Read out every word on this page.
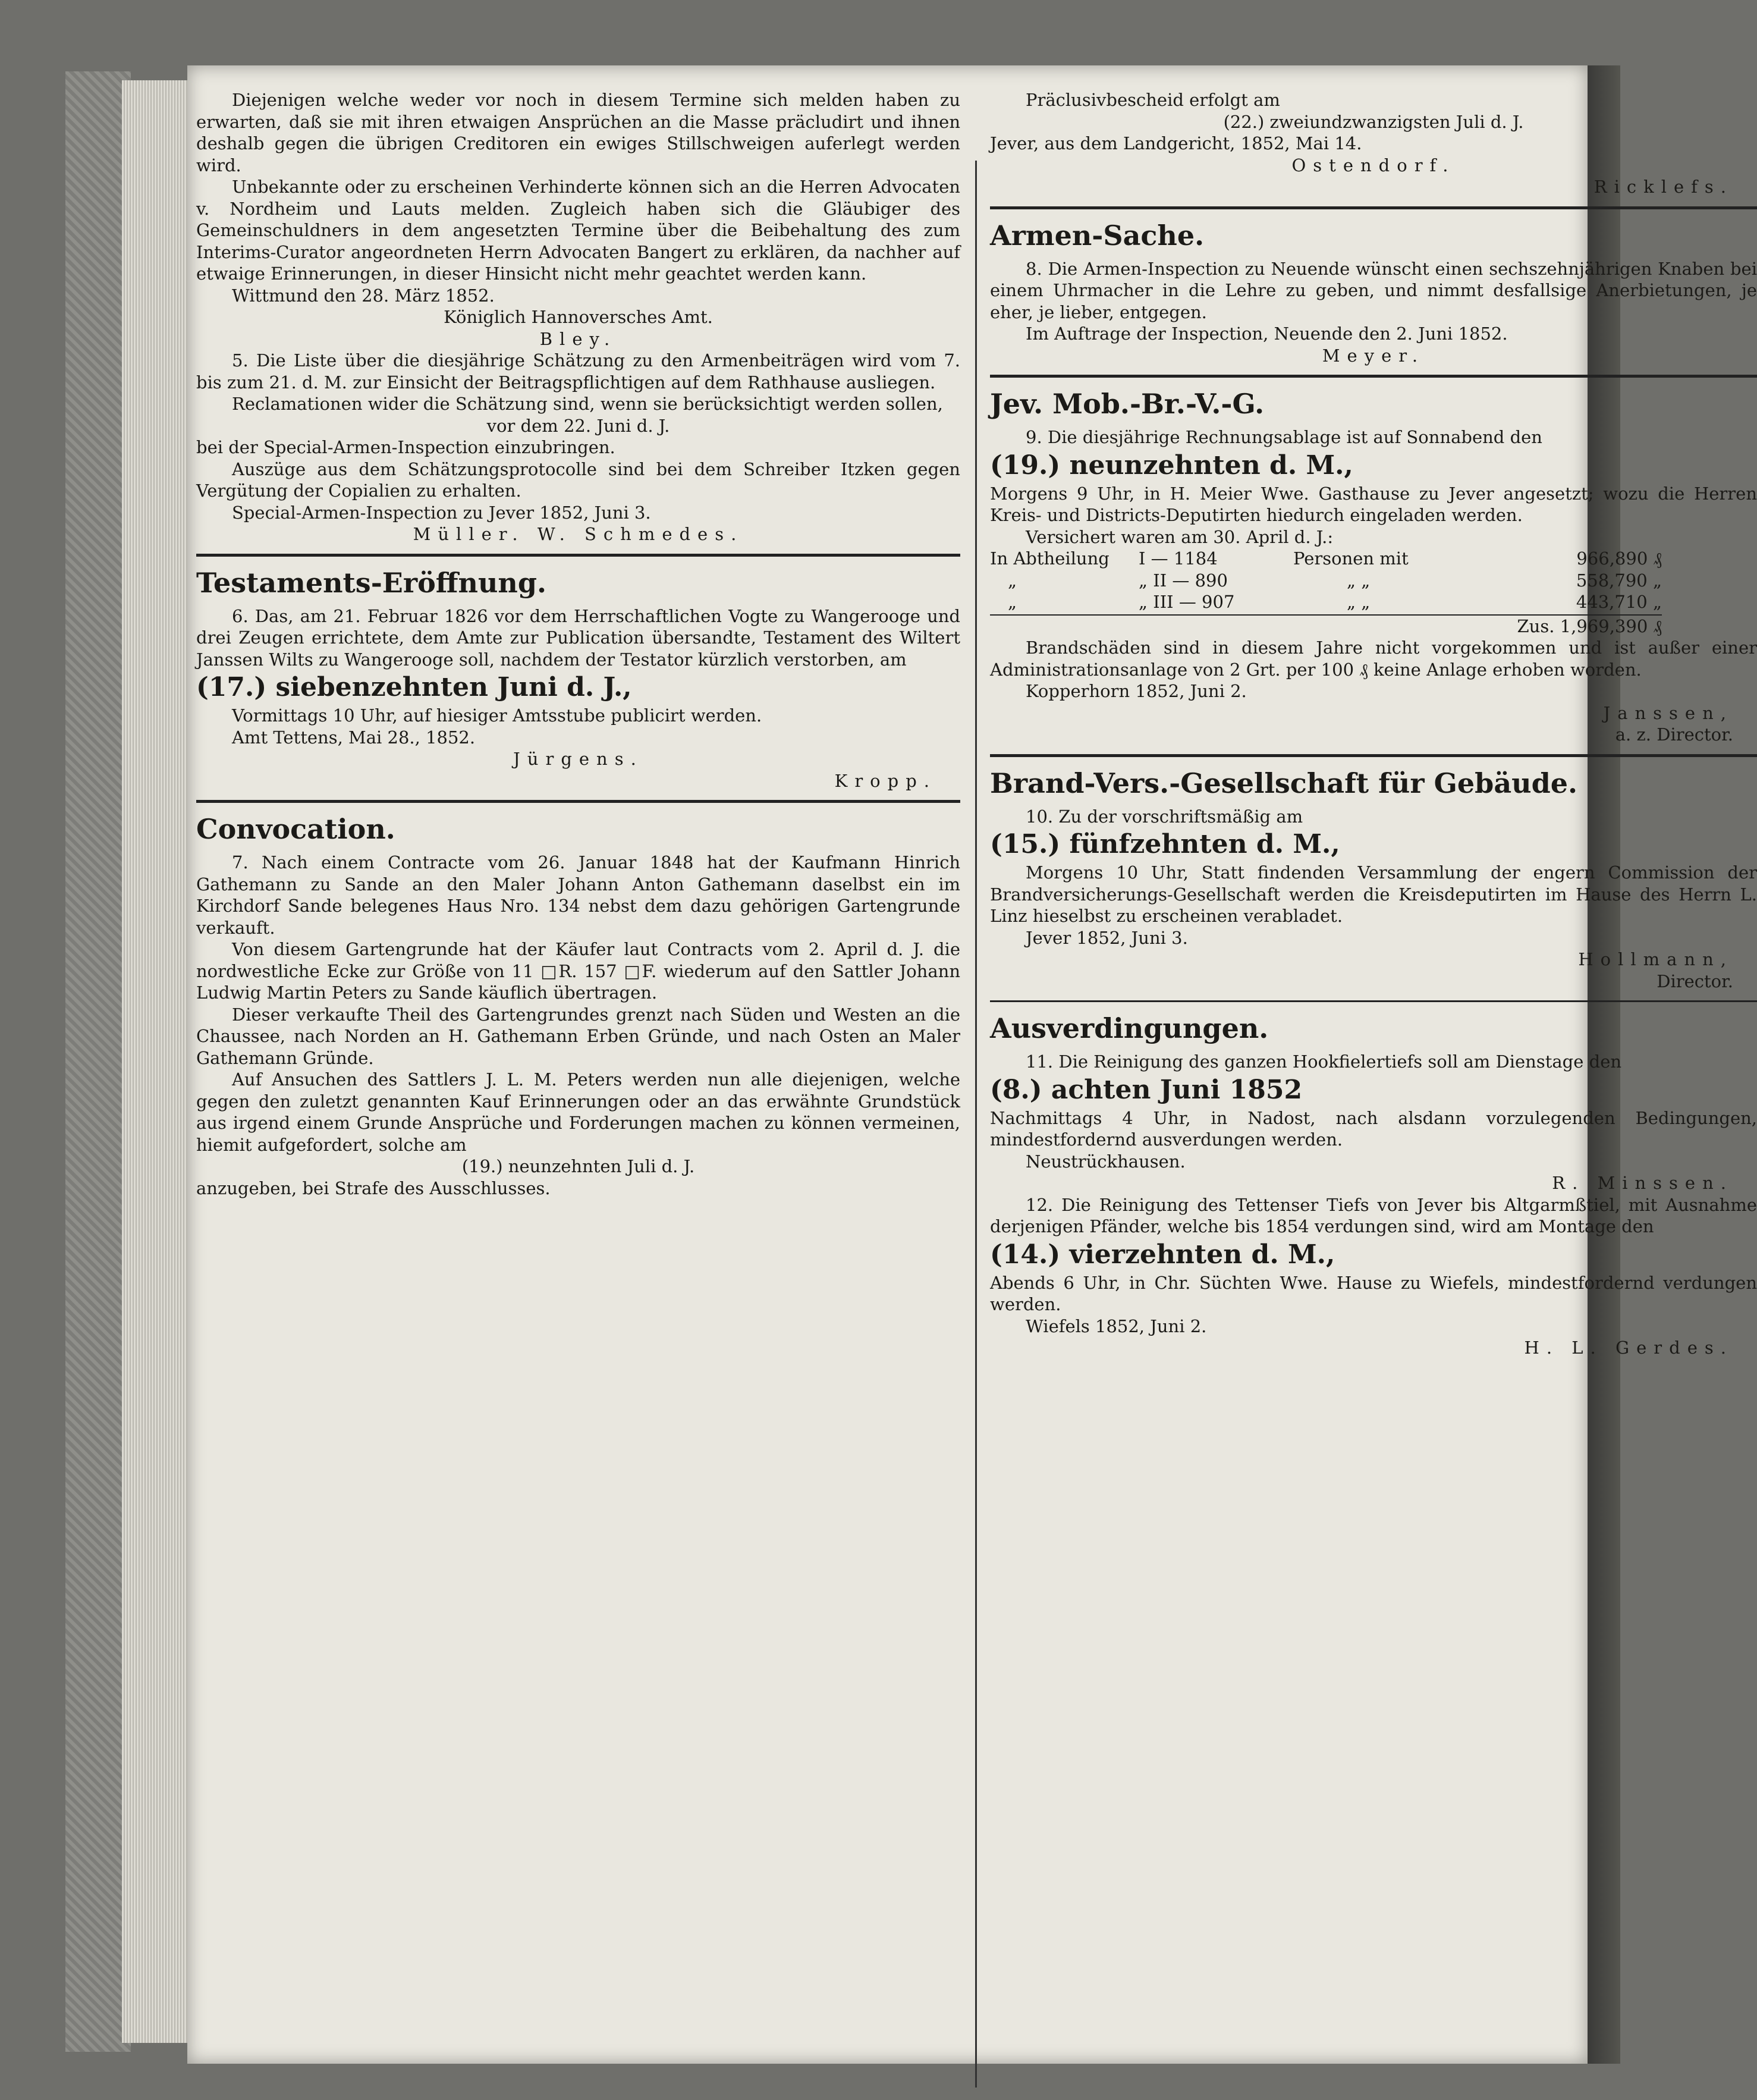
Diejenigen welche weder vor noch in diesem Termine sich melden haben zu erwarten, daß sie mit ihren etwaigen Ansprüchen an die Masse präcludirt und ihnen deshalb gegen die übrigen Creditoren ein ewiges Stillschweigen auferlegt werden wird.

Unbekannte oder zu erscheinen Verhinderte können sich an die Herren Advocaten v. Nordheim und Lauts melden. Zugleich haben sich die Gläubiger des Gemeinschuldners in dem angesetzten Termine über die Beibehaltung des zum Interims-Curator angeordneten Herrn Advocaten Bangert zu erklären, da nachher auf etwaige Erinnerungen, in dieser Hinsicht nicht mehr geachtet werden kann.

Wittmund den 28. März 1852.

Königlich Hannoversches Amt.

Bley.

5. Die Liste über die diesjährige Schätzung zu den Armenbeiträgen wird vom 7. bis zum 21. d. M. zur Einsicht der Beitragspflichtigen auf dem Rathhause ausliegen.

Reclamationen wider die Schätzung sind, wenn sie berücksichtigt werden sollen,

vor dem 22. Juni d. J.

bei der Special-Armen-Inspection einzubringen.

Auszüge aus dem Schätzungsprotocolle sind bei dem Schreiber Itzken gegen Vergütung der Copialien zu erhalten.

Special-Armen-Inspection zu Jever 1852, Juni 3.

Müller. W. Schmedes.

Testaments-Eröffnung.

6. Das, am 21. Februar 1826 vor dem Herrschaftlichen Vogte zu Wangerooge und drei Zeugen errichtete, dem Amte zur Publication übersandte, Testament des Wiltert Janssen Wilts zu Wangerooge soll, nachdem der Testator kürzlich verstorben, am

(17.) siebenzehnten Juni d. J.,

Vormittags 10 Uhr, auf hiesiger Amtsstube publicirt werden.

Amt Tettens, Mai 28., 1852.

Jürgens.

Kropp.

Convocation.

7. Nach einem Contracte vom 26. Januar 1848 hat der Kaufmann Hinrich Gathemann zu Sande an den Maler Johann Anton Gathemann daselbst ein im Kirchdorf Sande belegenes Haus Nro. 134 nebst dem dazu gehörigen Gartengrunde verkauft.

Von diesem Gartengrunde hat der Käufer laut Contracts vom 2. April d. J. die nordwestliche Ecke zur Größe von 11 □R. 157 □F. wiederum auf den Sattler Johann Ludwig Martin Peters zu Sande käuflich übertragen.

Dieser verkaufte Theil des Gartengrundes grenzt nach Süden und Westen an die Chaussee, nach Norden an H. Gathemann Erben Gründe, und nach Osten an Maler Gathemann Gründe.

Auf Ansuchen des Sattlers J. L. M. Peters werden nun alle diejenigen, welche gegen den zuletzt genannten Kauf Erinnerungen oder an das erwähnte Grundstück aus irgend einem Grunde Ansprüche und Forderungen machen zu können vermeinen, hiemit aufgefordert, solche am

(19.) neunzehnten Juli d. J.

anzugeben, bei Strafe des Ausschlusses.

Präclusivbescheid erfolgt am

(22.) zweiundzwanzigsten Juli d. J.

Jever, aus dem Landgericht, 1852, Mai 14.

Ostendorf.

Ricklefs.

Armen-Sache.

8. Die Armen-Inspection zu Neuende wünscht einen sechszehnjährigen Knaben bei einem Uhrmacher in die Lehre zu geben, und nimmt desfallsige Anerbietungen, je eher, je lieber, entgegen.

Im Auftrage der Inspection, Neuende den 2. Juni 1852.

Meyer.

Jev. Mob.-Br.-V.-G.

9. Die diesjährige Rechnungsablage ist auf Sonnabend den

(19.) neunzehnten d. M.,

Morgens 9 Uhr, in H. Meier Wwe. Gasthause zu Jever angesetzt; wozu die Herren Kreis- und Districts-Deputirten hiedurch eingeladen werden.

Versichert waren am 30. April d. J.:

In Abtheilung	I — 1184	Personen mit	966,890 ₰
„	„ II — 890	„ „	558,790 „
„	„ III — 907	„ „	443,710 „

Zus. 1,969,390 ₰

Brandschäden sind in diesem Jahre nicht vorgekommen und ist außer einer Administrationsanlage von 2 Grt. per 100 ₰ keine Anlage erhoben worden.

Kopperhorn 1852, Juni 2.

Janssen,

a. z. Director.

Brand-Vers.-Gesellschaft für Gebäude.

10. Zu der vorschriftsmäßig am

(15.) fünfzehnten d. M.,

Morgens 10 Uhr, Statt findenden Versammlung der engern Commission der Brandversicherungs-Gesellschaft werden die Kreisdeputirten im Hause des Herrn L. Linz hieselbst zu erscheinen verabladet.

Jever 1852, Juni 3.

Hollmann,

Director.

Ausverdingungen.

11. Die Reinigung des ganzen Hookfielertiefs soll am Dienstage den

(8.) achten Juni 1852

Nachmittags 4 Uhr, in Nadost, nach alsdann vorzulegenden Bedingungen, mindestfordernd ausverdungen werden.

Neustrückhausen.

R. Minssen.

12. Die Reinigung des Tettenser Tiefs von Jever bis Altgarmßtiel, mit Ausnahme derjenigen Pfänder, welche bis 1854 verdungen sind, wird am Montage den

(14.) vierzehnten d. M.,

Abends 6 Uhr, in Chr. Süchten Wwe. Hause zu Wiefels, mindestfordernd verdungen werden.

Wiefels 1852, Juni 2.

H. L. Gerdes.
